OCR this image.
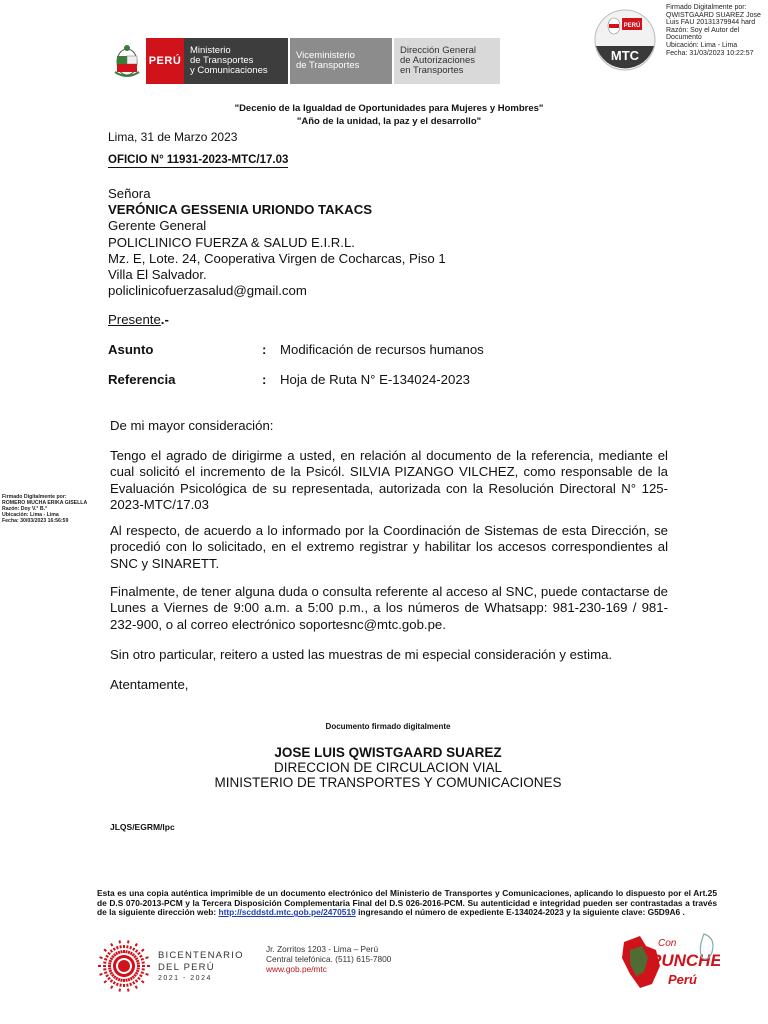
PERÚ
Ministerio
de Transportes
y Comunicaciones
Viceministerio
de Transportes
Dirección General
de Autorizaciones
en Transportes
PERÚ
MTC
Firmado Digitalmente por:
QWISTGAARD SUAREZ Jose
Luis FAU 20131379944 hard
Razón: Soy el Autor del
Documento
Ubicación: Lima - Lima
Fecha: 31/03/2023 10:22:57
"Decenio de la Igualdad de Oportunidades para Mujeres y Hombres"
"Año de la unidad, la paz y el desarrollo"
Lima, 31 de Marzo 2023
OFICIO N° 11931-2023-MTC/17.03
Señora
VERÓNICA GESSENIA URIONDO TAKACS
Gerente General
POLICLINICO FUERZA & SALUD E.I.R.L.
Mz. E, Lote. 24, Cooperativa Virgen de Cocharcas, Piso 1
Villa El Salvador.
policlinicofuerzasalud@gmail.com
Presente.-
Asunto	:	Modificación de recursos humanos
Referencia	:	Hoja de Ruta N° E-134024-2023
De mi mayor consideración:
Tengo el agrado de dirigirme a usted, en relación al documento de la referencia, mediante el cual solicitó el incremento de la Psicól. SILVIA PIZANGO VILCHEZ, como responsable de la Evaluación Psicológica de su representada, autorizada con la Resolución Directoral N° 125-2023-MTC/17.03
Al respecto, de acuerdo a lo informado por la Coordinación de Sistemas de esta Dirección, se procedió con lo solicitado, en el extremo registrar y habilitar los accesos correspondientes al SNC y SINARETT.
Finalmente, de tener alguna duda o consulta referente al acceso al SNC, puede contactarse de Lunes a Viernes de 9:00 a.m. a 5:00 p.m., a los números de Whatsapp: 981-230-169 / 981-232-900, o al correo electrónico soportesnc@mtc.gob.pe.
Sin otro particular, reitero a usted las muestras de mi especial consideración y estima.
Atentamente,
Firmado Digitalmente por:
ROMERO MUCHA ERIKA GISELLA
Razón: Doy V.° B.°
Ubicación: Lima - Lima
Fecha: 30/03/2023 16:56:59
Documento firmado digitalmente
JOSE LUIS QWISTGAARD SUAREZ
DIRECCION DE CIRCULACION VIAL
MINISTERIO DE TRANSPORTES Y COMUNICACIONES
JLQS/EGRM/lpc
Esta es una copia auténtica imprimible de un documento electrónico del Ministerio de Transportes y Comunicaciones, aplicando lo dispuesto por el Art.25 de D.S 070-2013-PCM y la Tercera Disposición Complementaria Final del D.S 026-2016-PCM. Su autenticidad e integridad pueden ser contrastadas a través de la siguiente dirección web: http://scddstd.mtc.gob.pe/2470519 ingresando el número de expediente E-134024-2023 y la siguiente clave: G5D9A6 .
BICENTENARIO
DEL PERÚ
2021 - 2024
Jr. Zorritos 1203 - Lima – Perú
Central telefónica. (511) 615-7800
www.gob.pe/mtc
Con
PUNCHE
Perú
